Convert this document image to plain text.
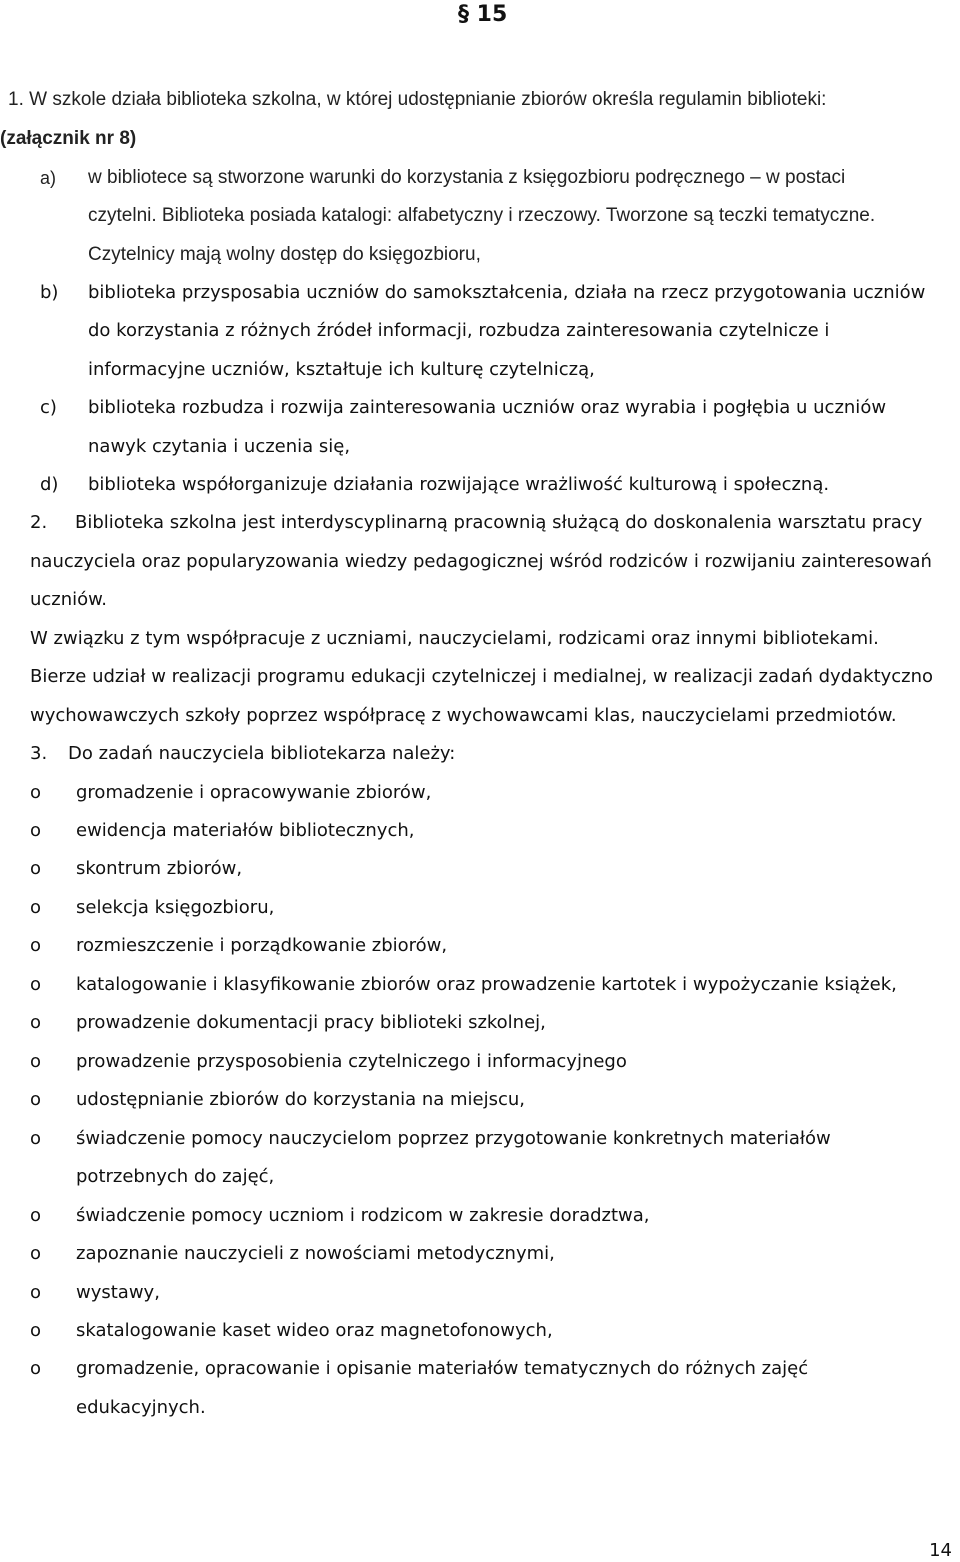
§ 15
1. W szkole działa biblioteka szkolna, w której udostępnianie zbiorów określa regulamin biblioteki:
(załącznik nr 8)
a) w bibliotece są stworzone warunki do korzystania z księgozbioru podręcznego – w postaci
czytelni. Biblioteka posiada katalogi: alfabetyczny i rzeczowy. Tworzone są teczki tematyczne.
Czytelnicy mają wolny dostęp do księgozbioru,
b) biblioteka przysposabia uczniów do samokształcenia, działa na rzecz przygotowania uczniów
do korzystania z różnych źródeł informacji, rozbudza zainteresowania czytelnicze i
informacyjne uczniów, kształtuje ich kulturę czytelniczą,
c) biblioteka rozbudza i rozwija zainteresowania uczniów oraz wyrabia i pogłębia u uczniów
nawyk czytania i uczenia się,
d) biblioteka współorganizuje działania rozwijające wrażliwość kulturową i społeczną.
2. Biblioteka szkolna jest interdyscyplinarną pracownią służącą do doskonalenia warsztatu pracy
nauczyciela oraz popularyzowania wiedzy pedagogicznej wśród rodziców i rozwijaniu zainteresowań
uczniów.
W związku z tym współpracuje z uczniami, nauczycielami, rodzicami oraz innymi bibliotekami.
Bierze udział w realizacji programu edukacji czytelniczej i medialnej, w realizacji zadań dydaktyczno
wychowawczych szkoły poprzez współpracę z wychowawcami klas, nauczycielami przedmiotów.
3. Do zadań nauczyciela bibliotekarza należy:
o gromadzenie i opracowywanie zbiorów,
o ewidencja materiałów bibliotecznych,
o skontrum zbiorów,
o selekcja księgozbioru,
o rozmieszczenie i porządkowanie zbiorów,
o katalogowanie i klasyfikowanie zbiorów oraz prowadzenie kartotek i wypożyczanie książek,
o prowadzenie dokumentacji pracy biblioteki szkolnej,
o prowadzenie przysposobienia czytelniczego i informacyjnego
o udostępnianie zbiorów do korzystania na miejscu,
o świadczenie pomocy nauczycielom poprzez przygotowanie konkretnych materiałów
potrzebnych do zajęć,
o świadczenie pomocy uczniom i rodzicom w zakresie doradztwa,
o zapoznanie nauczycieli z nowościami metodycznymi,
o wystawy,
o skatalogowanie kaset wideo oraz magnetofonowych,
o gromadzenie, opracowanie i opisanie materiałów tematycznych do różnych zajęć
edukacyjnych.
14
